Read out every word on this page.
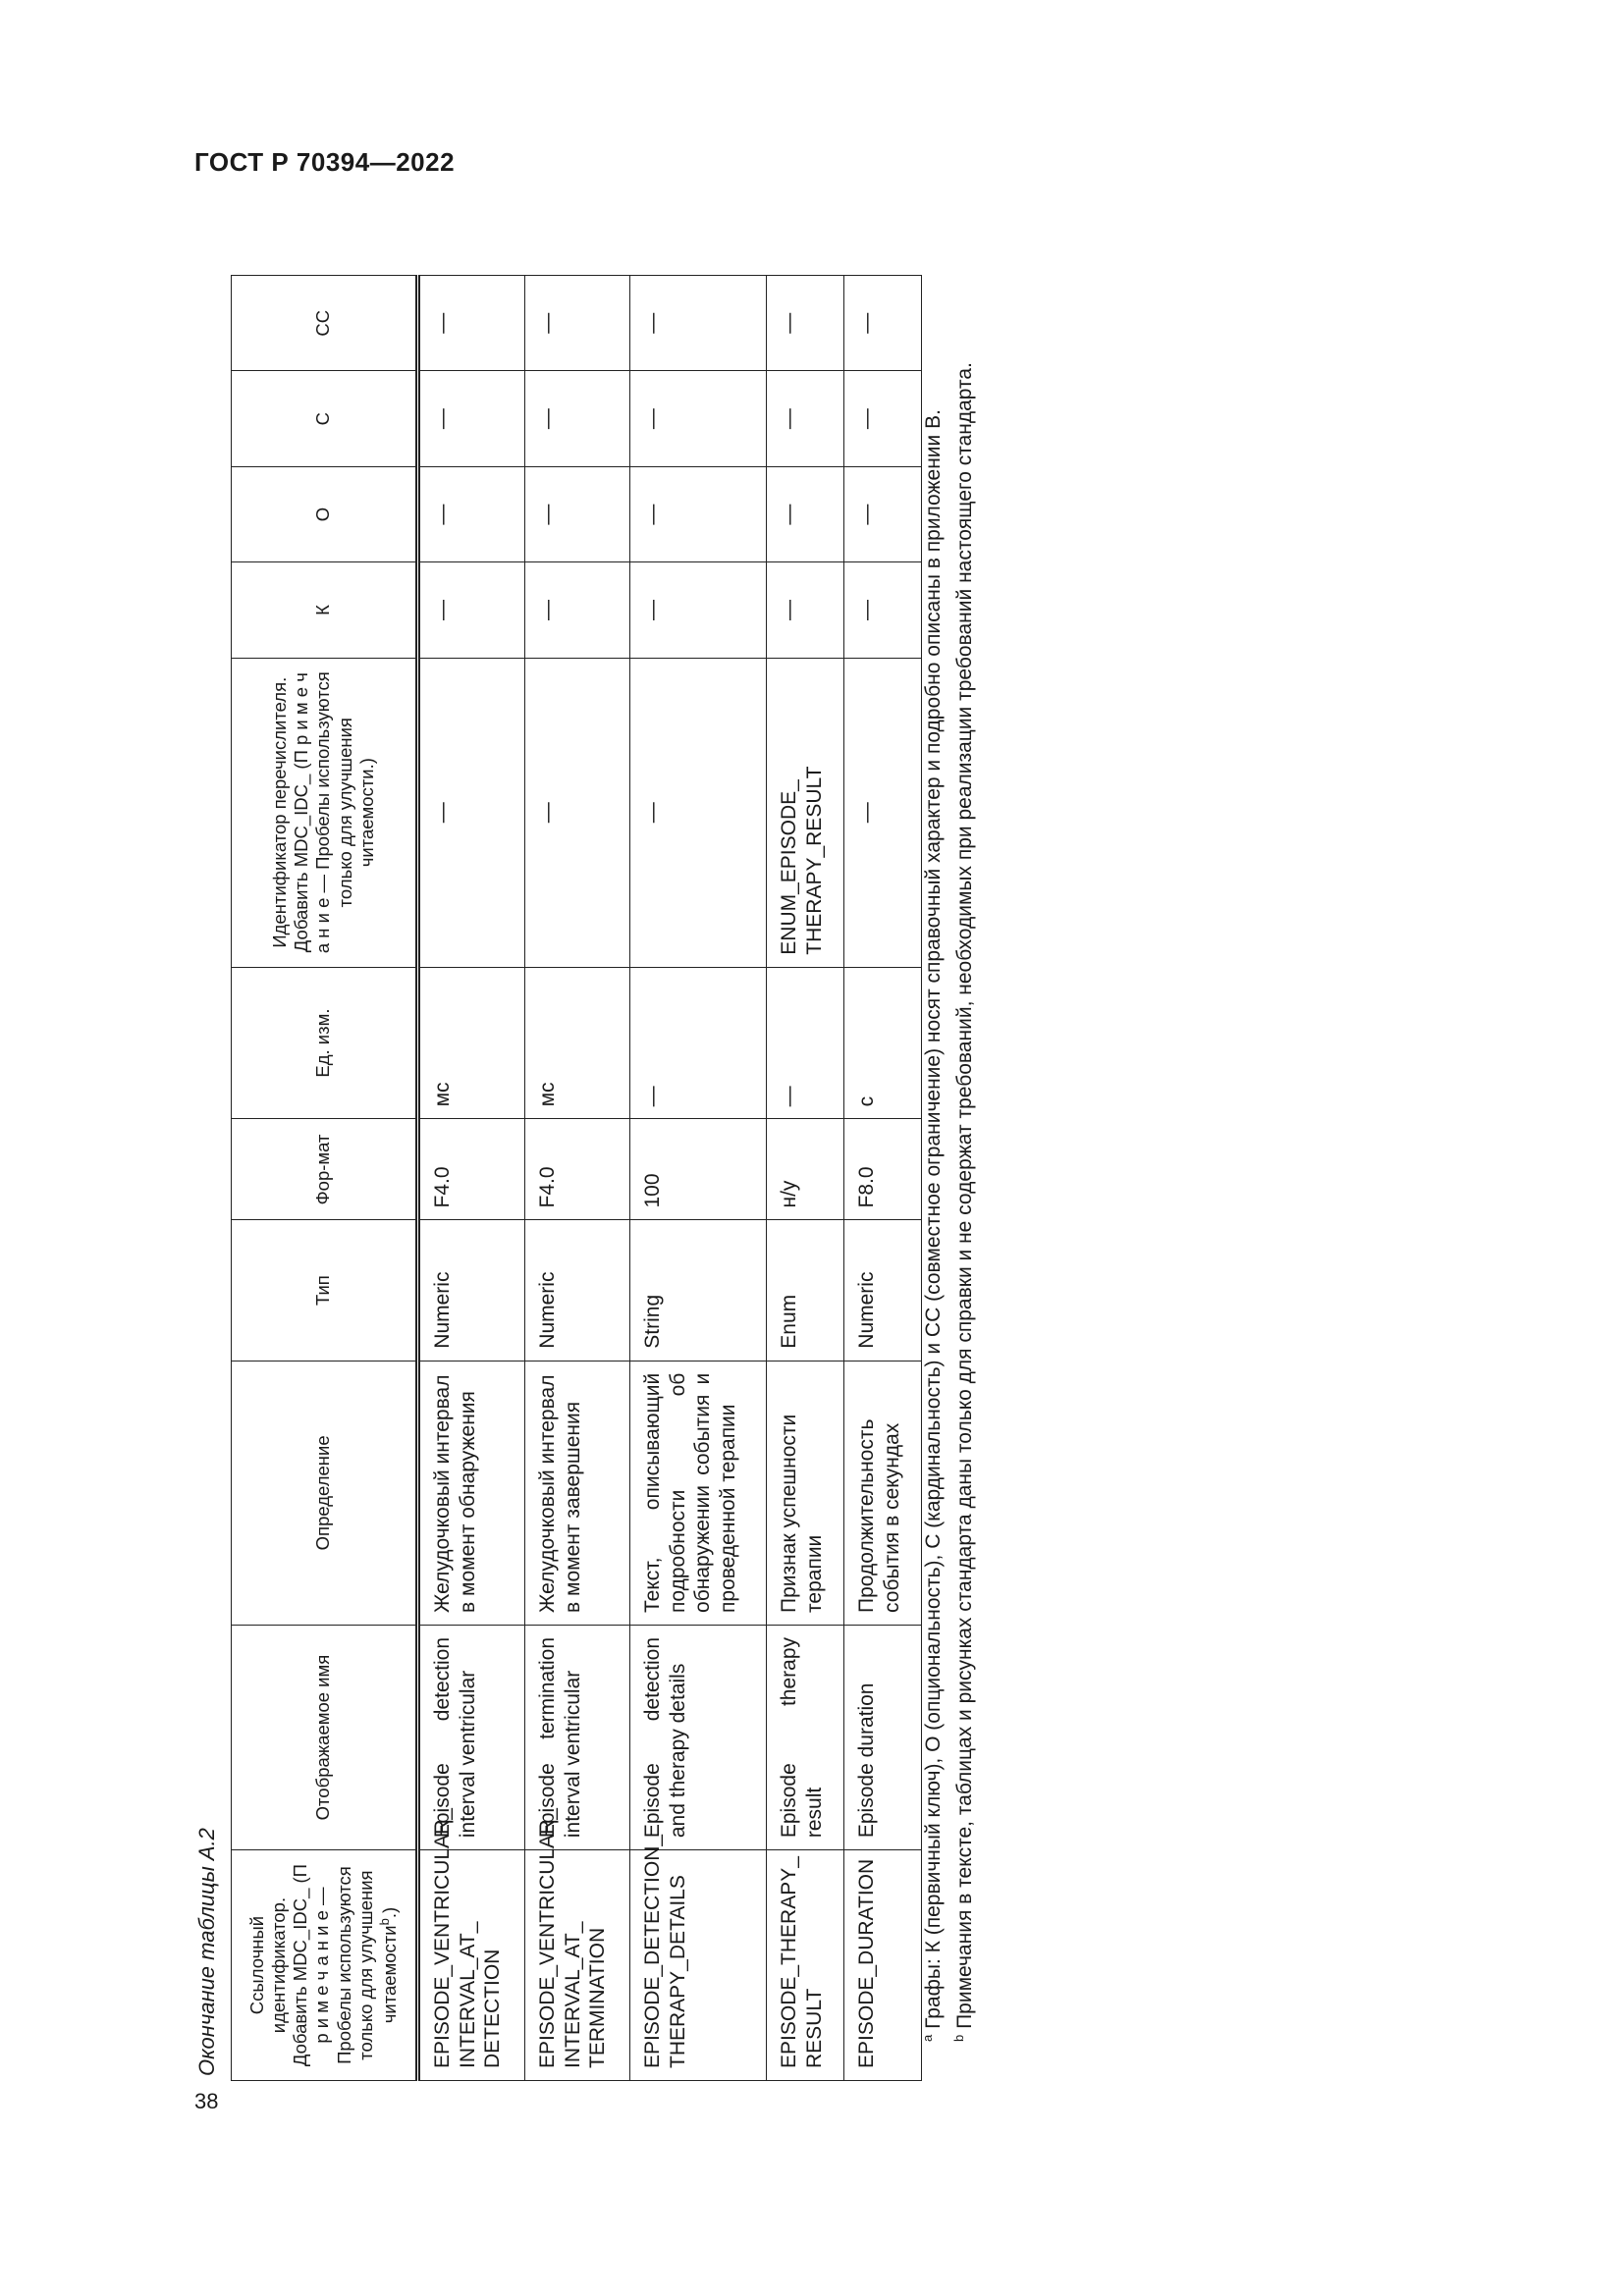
ГОСТ Р 70394—2022
38
Окончание таблицы А.2 Ссылочный идентификатор. Добавить MDC_IDC_ (П р и м е ч а н и е — Пробелы используются только для улучшения читаемости$^b$.)	Отображаемое имя	Определение	Тип	Фор-мат	Ед. изм.	Идентификатор перечислителя. Добавить MDC_IDC_ (П р и м е ч а н и е — Пробелы используются только для улучшения читаемости.)	К	О	С	СС
EPISODE_VENTRICULAR_ INTERVAL_AT_ DETECTION	Episode detection interval ventricular	Желудочковый интервал в момент обнаружения	Numeric	F4.0	мс	—	—	—	—	—
EPISODE_VENTRICULAR_ INTERVAL_AT_ TERMINATION	Episode termination interval ventricular	Желудочковый интервал в момент завершения	Numeric	F4.0	мс	—	—	—	—	—
EPISODE_DETECTION_ THERAPY_DETAILS	Episode detection and therapy details	Текст, описывающий подробности об обнаружении события и проведенной терапии	String	100	—	—	—	—	—	—
EPISODE_THERAPY_ RESULT	Episode therapy result	Признак успешности терапии	Enum	н/у	—	ENUM_EPISODE_ THERAPY_RESULT	—	—	—	—
EPISODE_DURATION	Episode duration	Продолжительность события в секундах	Numeric	F8.0	с	—	—	—	—	—

$^a$ Графы: К (первичный ключ), О (опциональность), С (кардинальность) и СС (совместное ограничение) носят справочный характер и подробно описаны в приложении В.

$^b$ Примечания в тексте, таблицах и рисунках стандарта даны только для справки и не содержат требований, необходимых при реализации требований настоящего стандарта.
